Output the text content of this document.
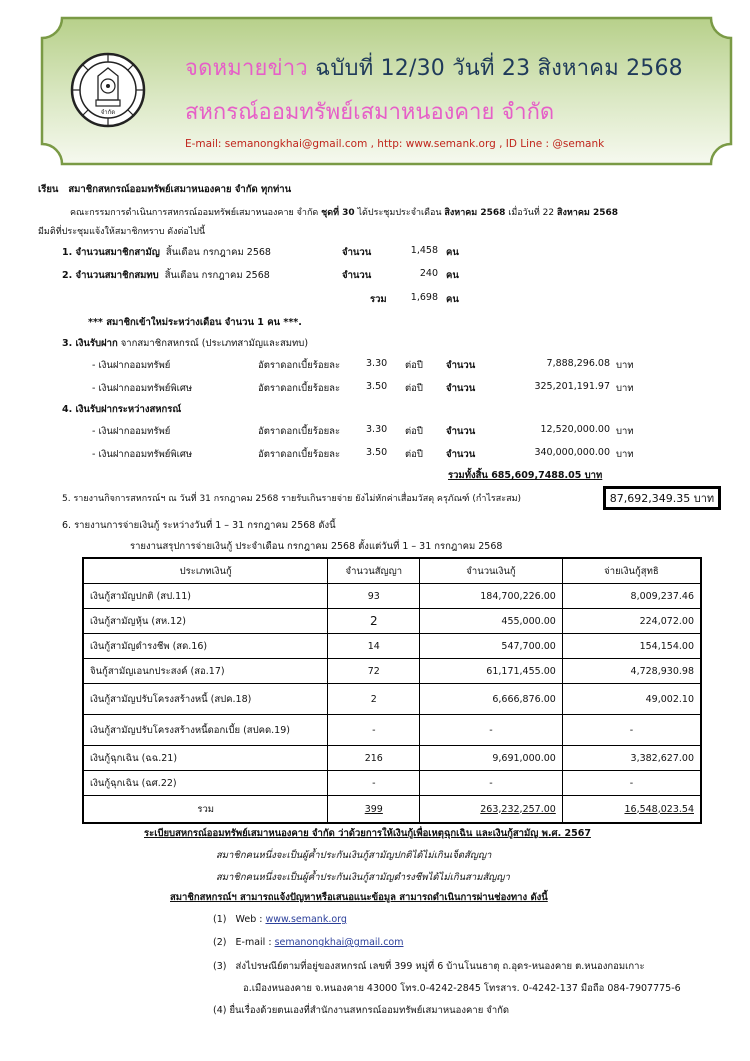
จำกัด
จดหมายข่าว ฉบับที่ 12/30 วันที่ 23 สิงหาคม 2568
สหกรณ์ออมทรัพย์เสมาหนองคาย จำกัด
E-mail: semanongkhai@gmail.com , http: www.semank.org , ID Line : @semank
เรียน สมาชิกสหกรณ์ออมทรัพย์เสมาหนองคาย จำกัด ทุกท่าน
คณะกรรมการดำเนินการสหกรณ์ออมทรัพย์เสมาหนองคาย จำกัด ชุดที่ 30 ได้ประชุมประจำเดือน สิงหาคม 2568 เมื่อวันที่ 22 สิงหาคม 2568
มีมติที่ประชุมแจ้งให้สมาชิกทราบ ดังต่อไปนี้
1. จำนวนสมาชิกสามัญ สิ้นเดือน กรกฎาคม 2568	จำนวน	1,458 คน
2. จำนวนสมาชิกสมทบ สิ้นเดือน กรกฎาคม 2568	จำนวน	240 คน
รวม	1,698 คน
*** สมาชิกเข้าใหม่ระหว่างเดือน จำนวน 1 คน ***.
3. เงินรับฝาก จากสมาชิกสหกรณ์ (ประเภทสามัญและสมทบ)
- เงินฝากออมทรัพย์	อัตราดอกเบี้ยร้อยละ	3.30 ต่อปี จำนวน	7,888,296.08 บาท
- เงินฝากออมทรัพย์พิเศษ	อัตราดอกเบี้ยร้อยละ	3.50 ต่อปี จำนวน	325,201,191.97 บาท
4. เงินรับฝากระหว่างสหกรณ์
- เงินฝากออมทรัพย์	อัตราดอกเบี้ยร้อยละ	3.30 ต่อปี จำนวน	12,520,000.00 บาท
- เงินฝากออมทรัพย์พิเศษ	อัตราดอกเบี้ยร้อยละ	3.50 ต่อปี จำนวน	340,000,000.00 บาท
รวมทั้งสิ้น 685,609,7488.05 บาท
5. รายงานกิจการสหกรณ์ฯ ณ วันที่ 31 กรกฎาคม 2568 รายรับเกินรายจ่าย ยังไม่หักค่าเสื่อมวัสดุ ครุภัณฑ์ (กำไรสะสม)	87,692,349.35 บาท
6. รายงานการจ่ายเงินกู้ ระหว่างวันที่ 1 – 31 กรกฎาคม 2568 ดังนี้
รายงานสรุปการจ่ายเงินกู้ ประจำเดือน กรกฎาคม 2568 ตั้งแต่วันที่ 1 – 31 กรกฎาคม 2568
ประเภทเงินกู้	จำนวนสัญญา	จำนวนเงินกู้	จ่ายเงินกู้สุทธิ
เงินกู้สามัญปกติ (สป.11)	93	184,700,226.00	8,009,237.46
เงินกู้สามัญหุ้น (สห.12)	2	455,000.00	224,072.00
เงินกู้สามัญดำรงชีพ (สด.16)	14	547,700.00	154,154.00
จินกู้สามัญเอนกประสงค์ (สอ.17)	72	61,171,455.00	4,728,930.98
เงินกู้สามัญปรับโครงสร้างหนี้ (สปค.18)	2	6,666,876.00	49,002.10
เงินกู้สามัญปรับโครงสร้างหนี้ดอกเบี้ย (สปคด.19)	-	-	-
เงินกู้ฉุกเฉิน (ฉฉ.21)	216	9,691,000.00	3,382,627.00
เงินกู้ฉุกเฉิน (ฉศ.22)	-	-	-
รวม	399	263,232,257.00	16,548,023.54
ระเบียบสหกรณ์ออมทรัพย์เสมาหนองคาย จำกัด ว่าด้วยการให้เงินกู้เพื่อเหตุฉุกเฉิน และเงินกู้สามัญ พ.ศ. 2567
สมาชิกคนหนึ่งจะเป็นผู้ค้ำประกันเงินกู้สามัญปกติได้ไม่เกินเจ็ดสัญญา
สมาชิกคนหนึ่งจะเป็นผู้ค้ำประกันเงินกู้สามัญดำรงชีพได้ไม่เกินสามสัญญา
สมาชิกสหกรณ์ฯ สามารถแจ้งปัญหาหรือเสนอแนะข้อมูล สามารถดำเนินการผ่านช่องทาง ดังนี้
(1) Web : www.semank.org
(2) E-mail : semanongkhai@gmail.com
(3) ส่งไปรษณีย์ตามที่อยู่ของสหกรณ์ เลขที่ 399 หมู่ที่ 6 บ้านโนนธาตุ ถ.อุดร-หนองคาย ต.หนองกอมเกาะ
อ.เมืองหนองคาย จ.หนองคาย 43000 โทร.0-4242-2845 โทรสาร. 0-4242-137 มือถือ 084-7907775-6
(4) ยื่นเรื่องด้วยตนเองที่สำนักงานสหกรณ์ออมทรัพย์เสมาหนองคาย จำกัด
